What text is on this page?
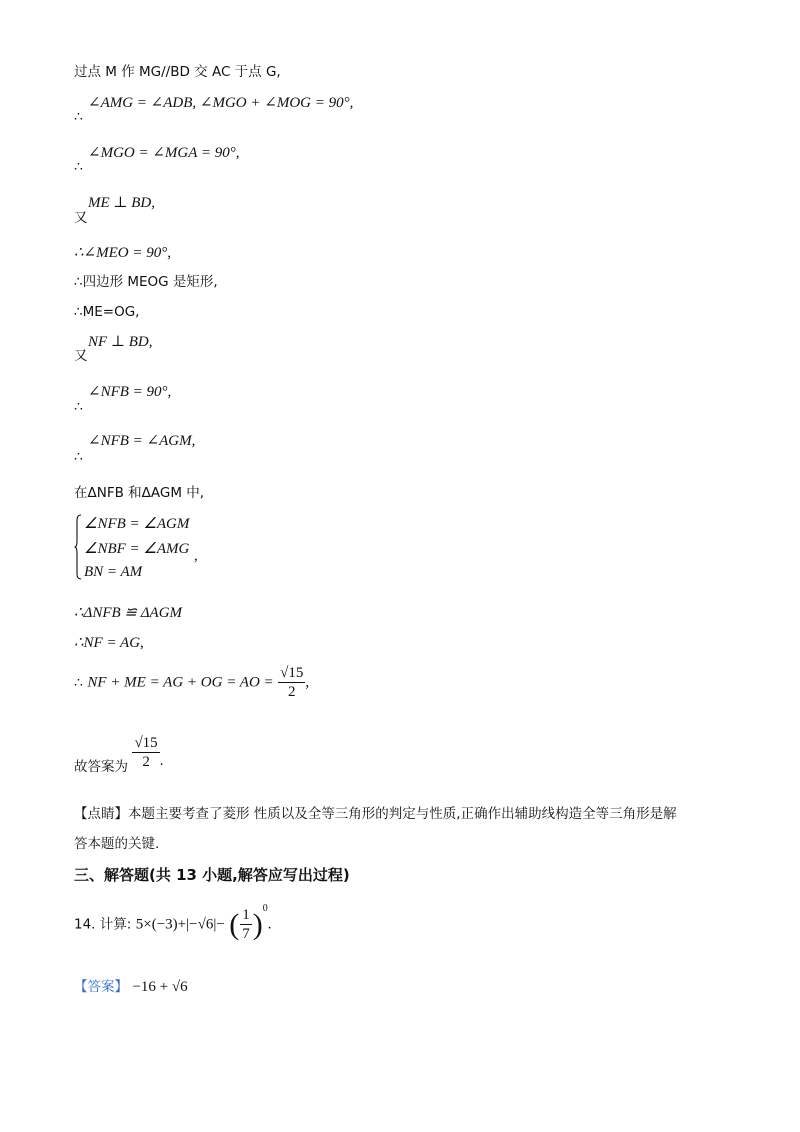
过点 M 作 MG//BD 交 AC 于点 G,
∠AMG = ∠ADB, ∠MGO + ∠MOG = 90°,
∴
∠MGO = ∠MGA = 90°,
∴
ME ⊥ BD,
又
∴∠MEO = 90°,
∴四边形 MEOG 是矩形,
∴ME=OG,
NF ⊥ BD,
又
∠NFB = 90°,
∴
∠NFB = ∠AGM,
∴
在ΔNFB 和ΔAGM 中,
∠NFB = ∠AGM
∠NBF = ∠AMG
BN = AM
,
∴ΔNFB ≌ ΔAGM
∴NF = AG,
∴ NF + ME = AG + OG = AO = $\frac{√15}{2}$ ,
故答案为 $\frac{√15}{2}$ .
【点睛】本题主要考查了菱形 性质以及全等三角形的判定与性质,正确作出辅助线构造全等三角形是解
答本题的关键.
三、解答题(共 13 小题,解答应写出过程)
14. 计算: 5×(−3)+|−√6|− ( $\frac{1}{7} )^0$.
【答案】 −16 + √6
